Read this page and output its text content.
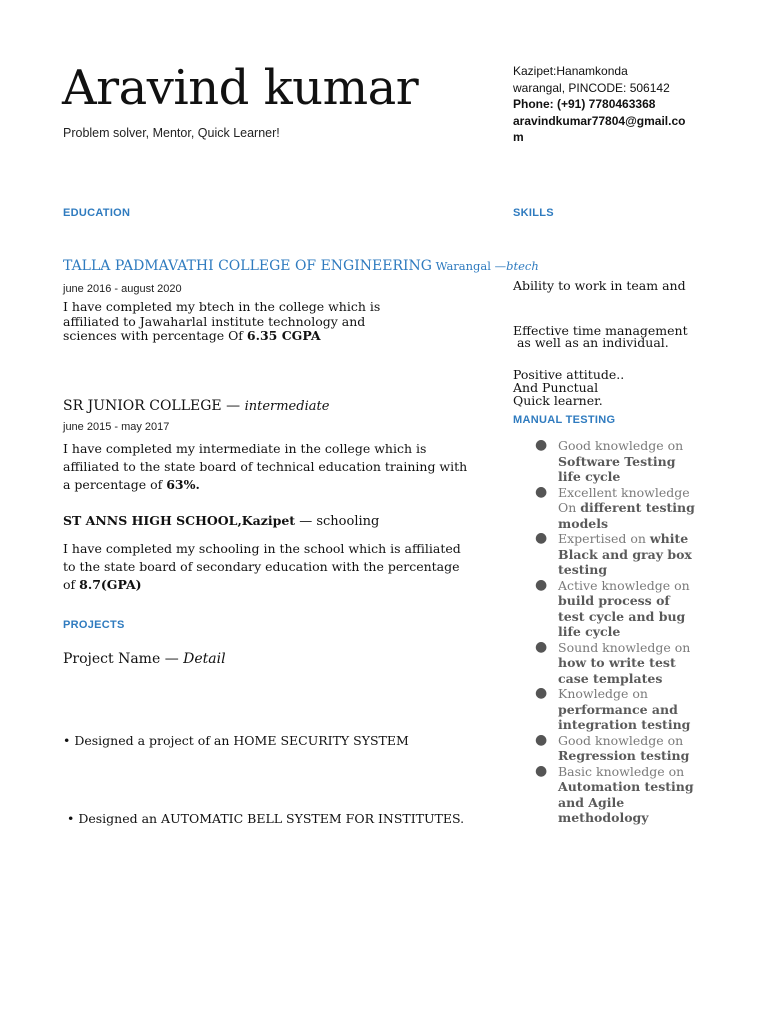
Aravind kumar
Problem solver, Mentor, Quick Learner!
Kazipet:Hanamkonda
warangal, PINCODE: 506142
Phone: (+91) 7780463368
aravindkumar77804@gmail.com
EDUCATION
TALLA PADMAVATHI COLLEGE OF ENGINEERING Warangal —btech
june 2016 - august 2020
I have completed my btech in the college which is affiliated to Jawaharlal institute technology and sciences with percentage Of 6.35 CGPA
SR JUNIOR COLLEGE — intermediate
june 2015 - may 2017
I have completed my intermediate in the college which is affiliated to the state board of technical education training with a percentage of 63%.
ST ANNS HIGH SCHOOL,Kazipet — schooling
I have completed my schooling in the school which is affiliated to the state board of secondary education with the percentage of 8.7(GPA)
PROJECTS
Project Name — Detail

• Designed a project of an HOME SECURITY SYSTEM

• Designed an AUTOMATIC BELL SYSTEM FOR INSTITUTES.

SKILLS

Ability to work in team and

as well as an individual.

Effective time management

And Punctual

Positive attitude..

Quick learner.

MANUAL TESTING
● Good knowledge on Software Testing life cycle
● Excellent knowledge On different testing models
● Expertised on white Black and gray box testing
● Active knowledge on build process of test cycle and bug life cycle
● Sound knowledge on how to write test case templates
● Knowledge on performance and integration testing
● Good knowledge on Regression testing
● Basic knowledge on Automation testing and Agile methodology
